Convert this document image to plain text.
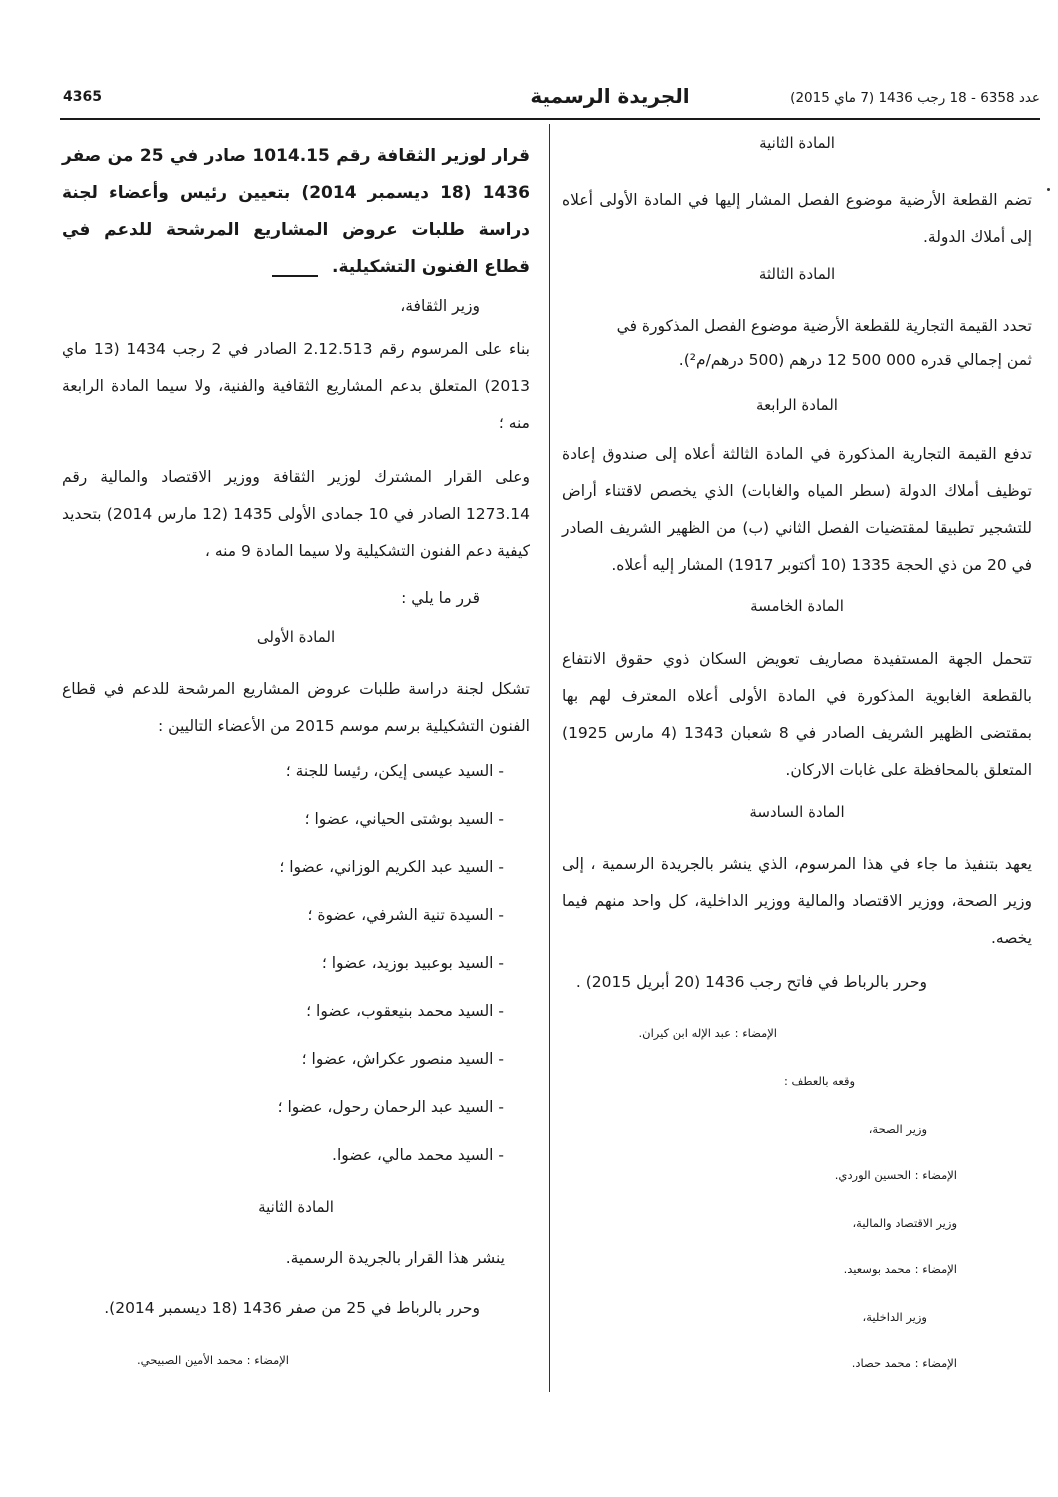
4365	الجريدة الرسمية	عدد 6358 - 18 رجب 1436 (7 ماي 2015)

المادة الثانية

تضم القطعة الأرضية موضوع الفصل المشار إليها في المادة الأولى أعلاه إلى أملاك الدولة.

المادة الثالثة

تحدد القيمة التجارية للقطعة الأرضية موضوع الفصل المذكورة في

ثمن إجمالي قدره 000 500 12 درهم (500 درهم/م²).

المادة الرابعة

تدفع القيمة التجارية المذكورة في المادة الثالثة أعلاه إلى صندوق إعادة توظيف أملاك الدولة (سطر المياه والغابات) الذي يخصص لاقتناء أراض للتشجير تطبيقا لمقتضيات الفصل الثاني (ب) من الظهير الشريف الصادر في 20 من ذي الحجة 1335 (10 أكتوبر 1917) المشار إليه أعلاه.

المادة الخامسة

تتحمل الجهة المستفيدة مصاريف تعويض السكان ذوي حقوق الانتفاع بالقطعة الغابوية المذكورة في المادة الأولى أعلاه المعترف لهم بها بمقتضى الظهير الشريف الصادر في 8 شعبان 1343 (4 مارس 1925) المتعلق بالمحافظة على غابات الاركان.

المادة السادسة

يعهد بتنفيذ ما جاء في هذا المرسوم، الذي ينشر بالجريدة الرسمية ، إلى وزير الصحة، ووزير الاقتصاد والمالية ووزير الداخلية، كل واحد منهم فيما يخصه.

وحرر بالرباط في فاتح رجب 1436 (20 أبريل 2015) .

الإمضاء : عبد الإله ابن كيران.

وقعه بالعطف :

وزير الصحة،

الإمضاء : الحسين الوردي.

وزير الاقتصاد والمالية،

الإمضاء : محمد بوسعيد.

وزير الداخلية،

الإمضاء : محمد حصاد.

قرار لوزير الثقافة رقم 1014.15 صادر في 25 من صفر 1436 (18 ديسمبر 2014) بتعيين رئيس وأعضاء لجنة دراسة طلبات عروض المشاريع المرشحة للدعم في قطاع الفنون التشكيلية.

وزير الثقافة،

بناء على المرسوم رقم 2.12.513 الصادر في 2 رجب 1434 (13 ماي 2013) المتعلق بدعم المشاريع الثقافية والفنية، ولا سيما المادة الرابعة منه ؛

وعلى القرار المشترك لوزير الثقافة ووزير الاقتصاد والمالية رقم 1273.14 الصادر في 10 جمادى الأولى 1435 (12 مارس 2014) بتحديد كيفية دعم الفنون التشكيلية ولا سيما المادة 9 منه ،

قرر ما يلي :

المادة الأولى

تشكل لجنة دراسة طلبات عروض المشاريع المرشحة للدعم في قطاع الفنون التشكيلية برسم موسم 2015 من الأعضاء التاليين :

- السيد عيسى إيكن، رئيسا للجنة ؛

- السيد بوشتى الحياني، عضوا ؛

- السيد عبد الكريم الوزاني، عضوا ؛

- السيدة تنية الشرفي، عضوة ؛

- السيد بوعبيد بوزيد، عضوا ؛

- السيد محمد بنيعقوب، عضوا ؛

- السيد منصور عكراش، عضوا ؛

- السيد عبد الرحمان رحول، عضوا ؛

- السيد محمد مالي، عضوا.

المادة الثانية

ينشر هذا القرار بالجريدة الرسمية.

وحرر بالرباط في 25 من صفر 1436 (18 ديسمبر 2014).

الإمضاء : محمد الأمين الصبيحي.
